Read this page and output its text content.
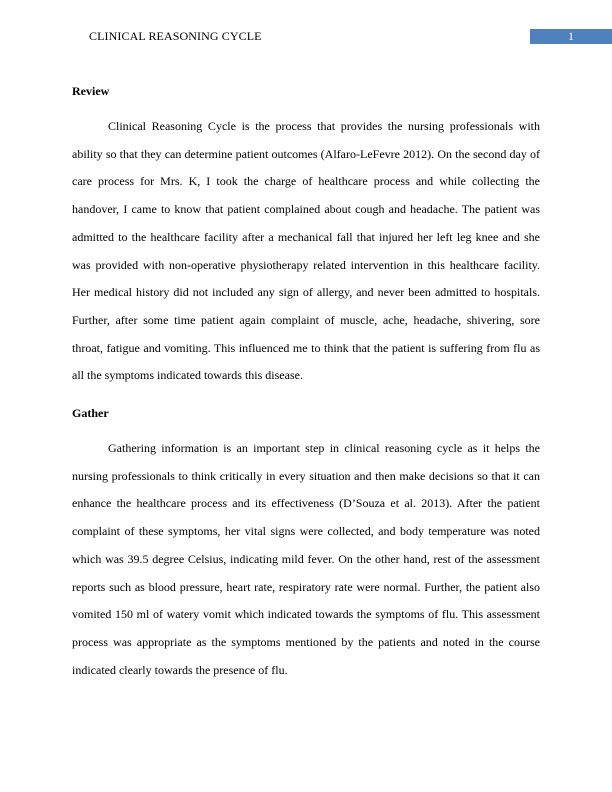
CLINICAL REASONING CYCLE	1
Review

Clinical Reasoning Cycle is the process that provides the nursing professionals with ability so that they can determine patient outcomes (Alfaro-LeFevre 2012). On the second day of care process for Mrs. K, I took the charge of healthcare process and while collecting the handover, I came to know that patient complained about cough and headache. The patient was admitted to the healthcare facility after a mechanical fall that injured her left leg knee and she was provided with non-operative physiotherapy related intervention in this healthcare facility. Her medical history did not included any sign of allergy, and never been admitted to hospitals. Further, after some time patient again complaint of muscle, ache, headache, shivering, sore throat, fatigue and vomiting. This influenced me to think that the patient is suffering from flu as all the symptoms indicated towards this disease.

Gather

Gathering information is an important step in clinical reasoning cycle as it helps the nursing professionals to think critically in every situation and then make decisions so that it can enhance the healthcare process and its effectiveness (D’Souza et al. 2013). After the patient complaint of these symptoms, her vital signs were collected, and body temperature was noted which was 39.5 degree Celsius, indicating mild fever. On the other hand, rest of the assessment reports such as blood pressure, heart rate, respiratory rate were normal. Further, the patient also vomited 150 ml of watery vomit which indicated towards the symptoms of flu. This assessment process was appropriate as the symptoms mentioned by the patients and noted in the course indicated clearly towards the presence of flu.
